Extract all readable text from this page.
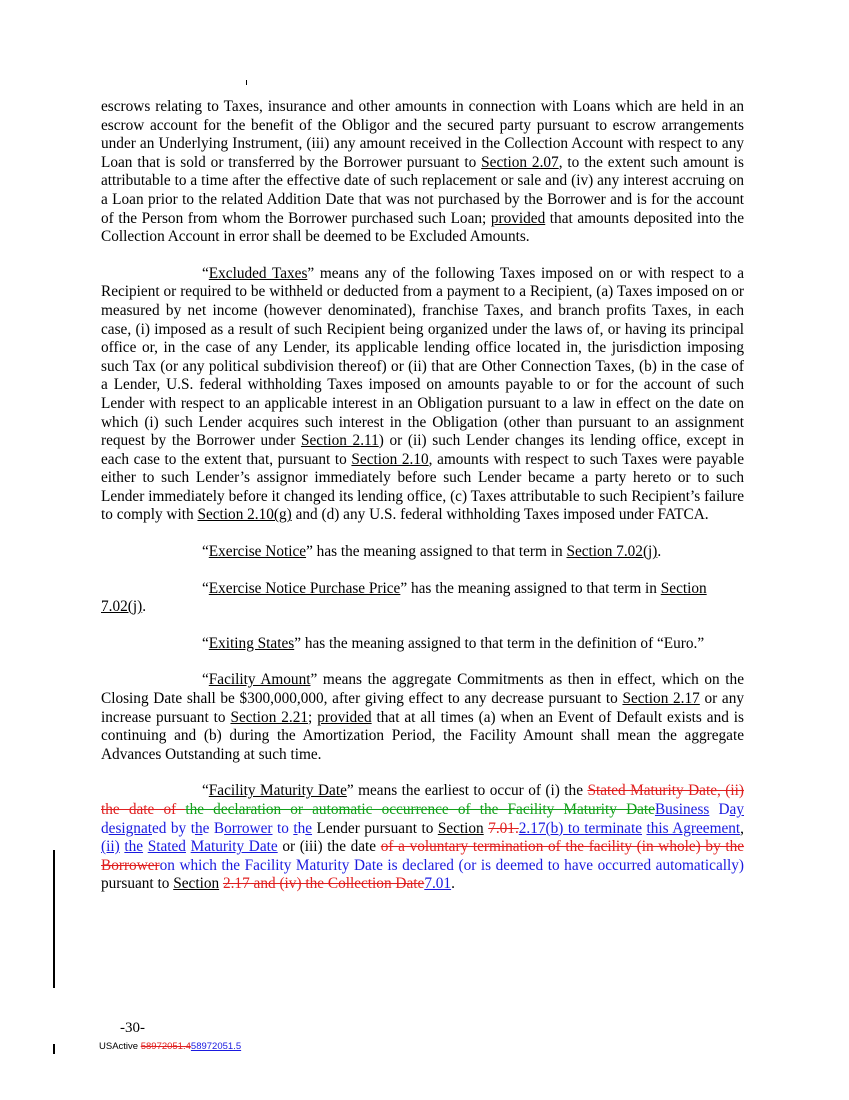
escrows relating to Taxes, insurance and other amounts in connection with Loans which are held in an escrow account for the benefit of the Obligor and the secured party pursuant to escrow arrangements under an Underlying Instrument, (iii) any amount received in the Collection Account with respect to any Loan that is sold or transferred by the Borrower pursuant to Section 2.07, to the extent such amount is attributable to a time after the effective date of such replacement or sale and (iv) any interest accruing on a Loan prior to the related Addition Date that was not purchased by the Borrower and is for the account of the Person from whom the Borrower purchased such Loan; provided that amounts deposited into the Collection Account in error shall be deemed to be Excluded Amounts.

“Excluded Taxes” means any of the following Taxes imposed on or with respect to a Recipient or required to be withheld or deducted from a payment to a Recipient, (a) Taxes imposed on or measured by net income (however denominated), franchise Taxes, and branch profits Taxes, in each case, (i) imposed as a result of such Recipient being organized under the laws of, or having its principal office or, in the case of any Lender, its applicable lending office located in, the jurisdiction imposing such Tax (or any political subdivision thereof) or (ii) that are Other Connection Taxes, (b) in the case of a Lender, U.S. federal withholding Taxes imposed on amounts payable to or for the account of such Lender with respect to an applicable interest in an Obligation pursuant to a law in effect on the date on which (i) such Lender acquires such interest in the Obligation (other than pursuant to an assignment request by the Borrower under Section 2.11) or (ii) such Lender changes its lending office, except in each case to the extent that, pursuant to Section 2.10, amounts with respect to such Taxes were payable either to such Lender’s assignor immediately before such Lender became a party hereto or to such Lender immediately before it changed its lending office, (c) Taxes attributable to such Recipient’s failure to comply with Section 2.10(g) and (d) any U.S. federal withholding Taxes imposed under FATCA.

“Exercise Notice” has the meaning assigned to that term in Section 7.02(j).

“Exercise Notice Purchase Price” has the meaning assigned to that term in Section 7.02(j).

“Exiting States” has the meaning assigned to that term in the definition of “Euro.”

“Facility Amount” means the aggregate Commitments as then in effect, which on the Closing Date shall be $300,000,000, after giving effect to any decrease pursuant to Section 2.17 or any increase pursuant to Section 2.21; provided that at all times (a) when an Event of Default exists and is continuing and (b) during the Amortization Period, the Facility Amount shall mean the aggregate Advances Outstanding at such time.

“Facility Maturity Date” means the earliest to occur of (i) the Stated Maturity Date, (ii) the date of the declaration or automatic occurrence of the Facility Maturity DateBusiness Day designated by the Borrower to the Lender pursuant to Section 7.01.2.17(b) to terminate this Agreement, (ii) the Stated Maturity Date or (iii) the date of a voluntary termination of the facility (in whole) by the Borroweron which the Facility Maturity Date is declared (or is deemed to have occurred automatically) pursuant to Section 2.17 and (iv) the Collection Date7.01.

-30-
USActive 58972051.458972051.5
